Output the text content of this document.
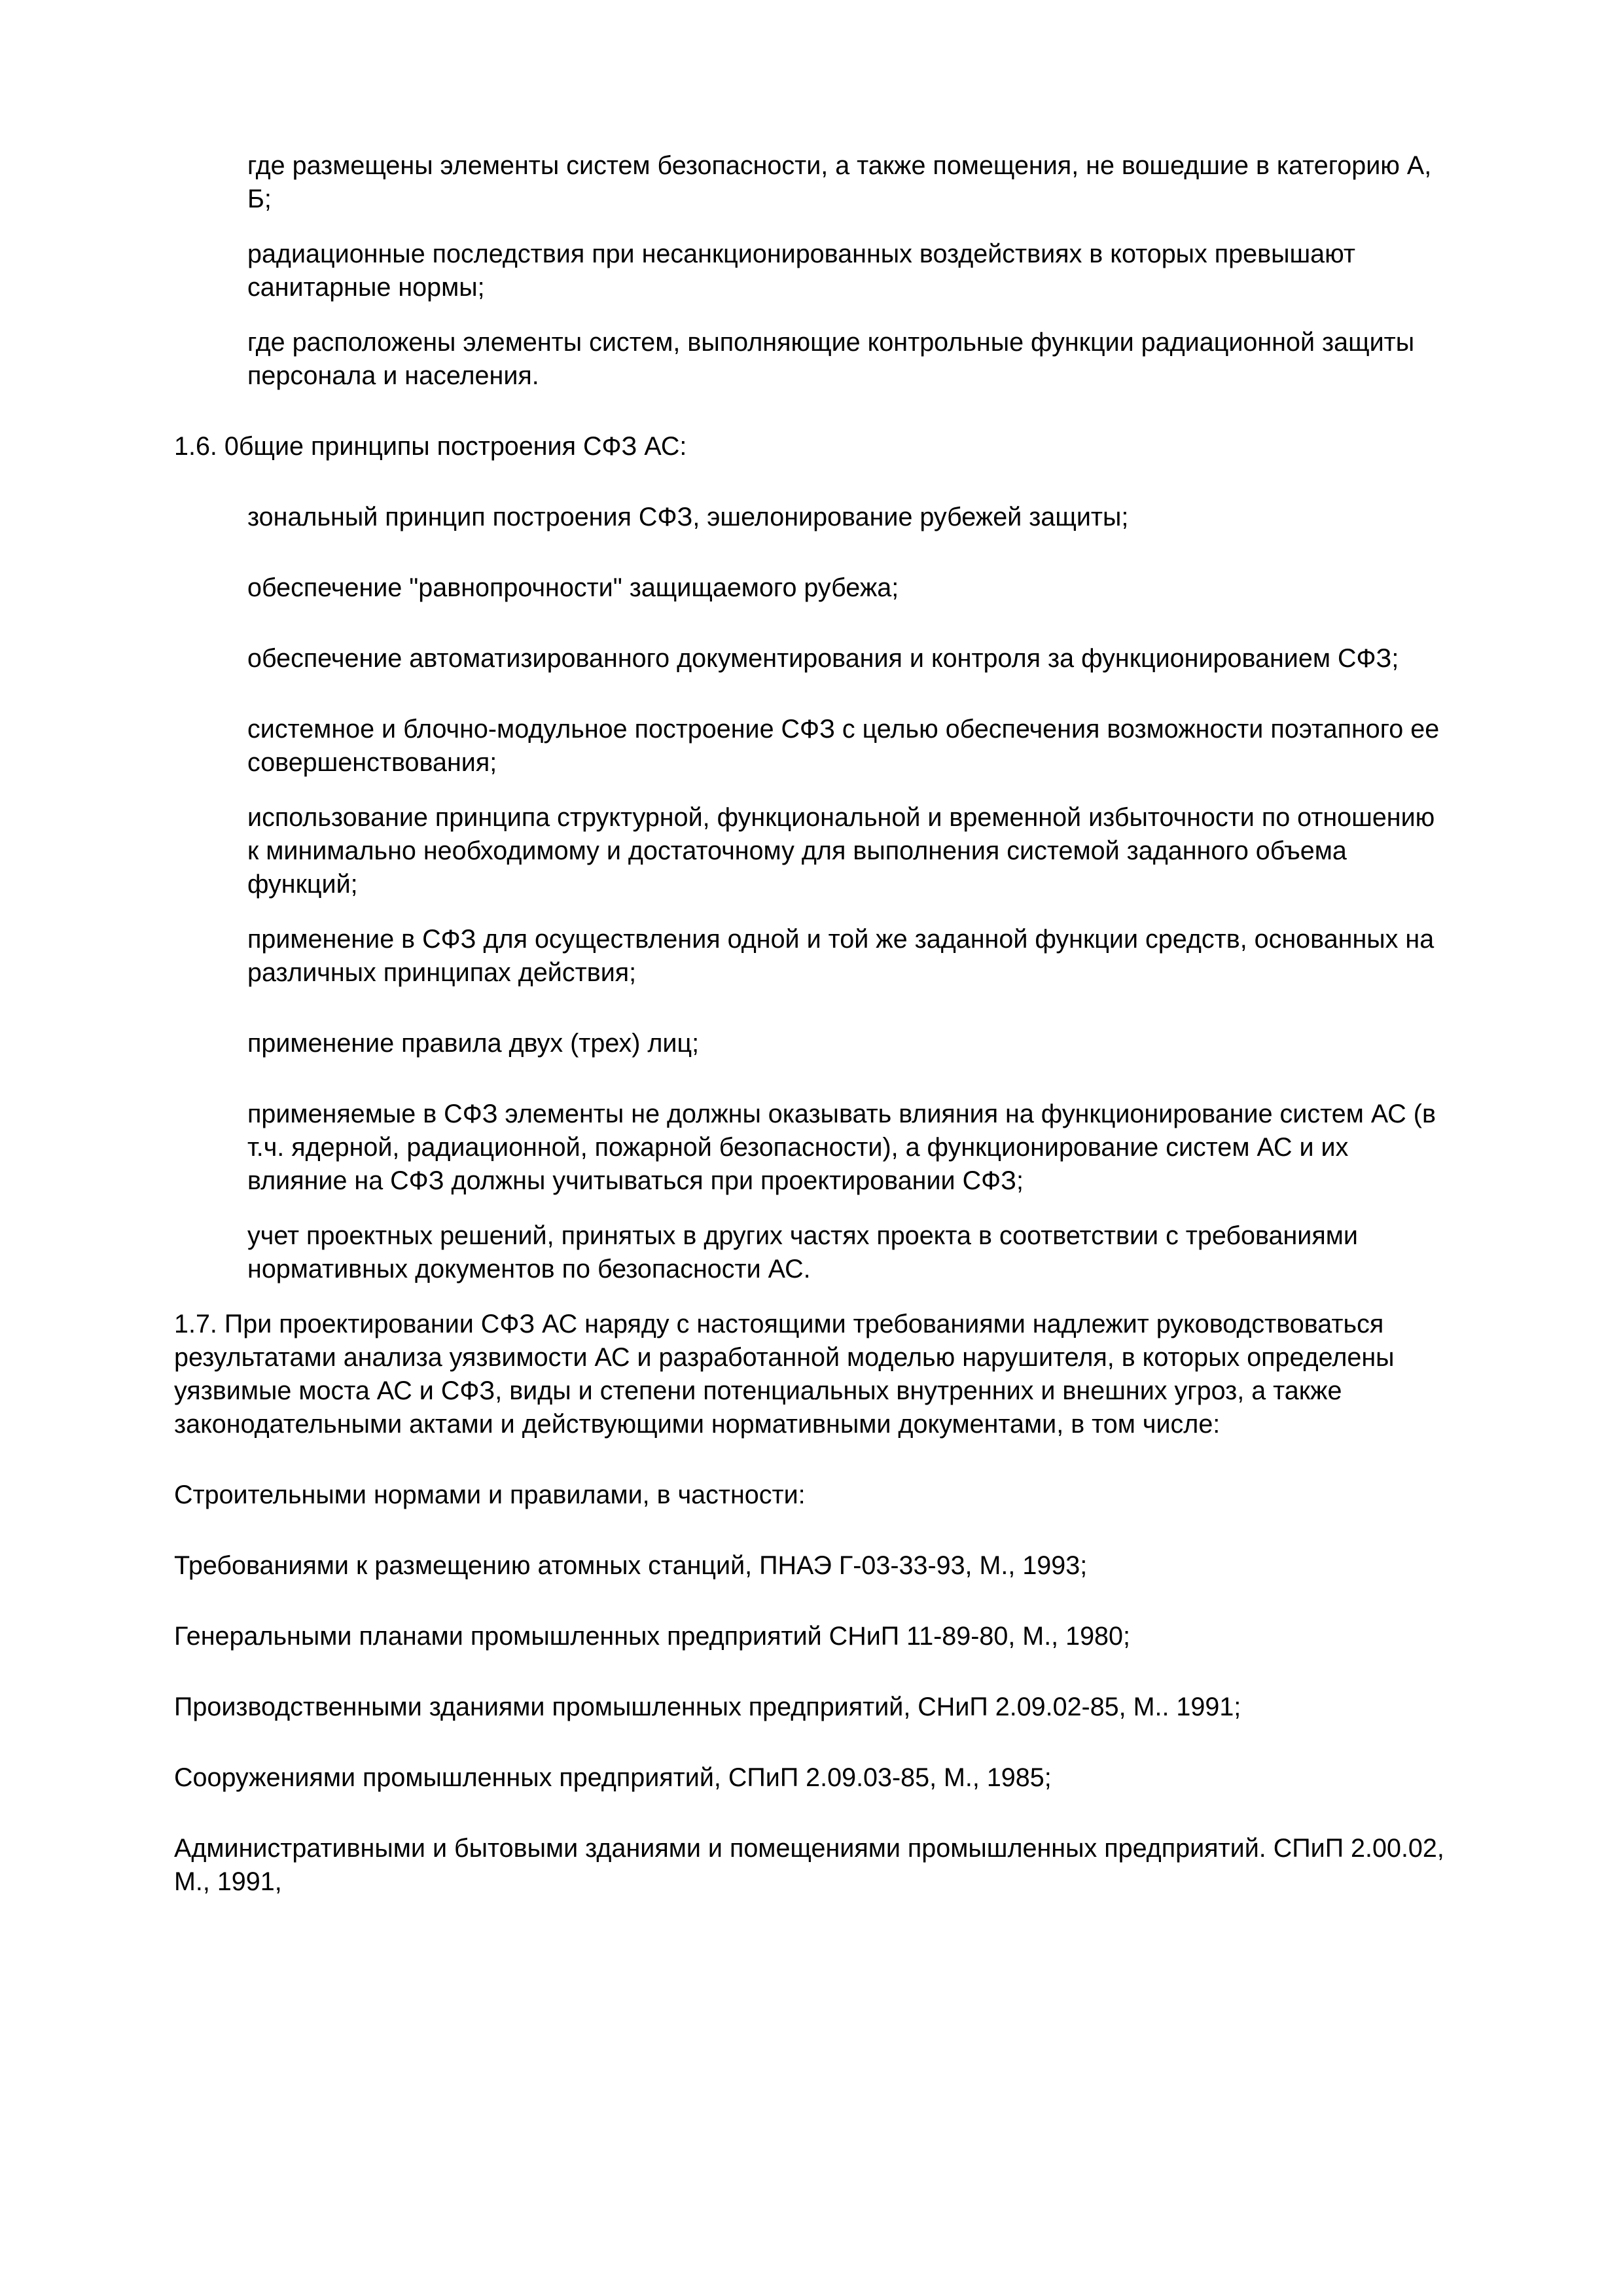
где размещены элементы систем безопасности, а также помещения, не вошедшие в категорию А, Б;

радиационные последствия при несанкционированных воздействиях в которых превышают санитарные нормы;

где расположены элементы систем, выполняющие контрольные функции радиационной защиты персонала и населения.

1.6. 0бщие принципы построения СФЗ АС:

зональный принцип построения СФЗ, эшелонирование рубежей защиты;

обеспечение "равнопрочности" защищаемого рубежа;

обеспечение автоматизированного документирования и контроля за функционированием СФЗ;

системное и блочно-модульное построение СФЗ с целью обеспечения возможности поэтапного ее совершенствования;

использование принципа структурной, функциональной и временной избыточности по отношению к минимально необходимому и достаточному для выполнения системой заданного объема функций;

применение в СФЗ для осуществления одной и той же заданной функции средств, основанных на различных принципах действия;

применение правила двух (трех) лиц;

применяемые в СФЗ элементы не должны оказывать влияния на функционирование систем АС (в т.ч. ядерной, радиационной, пожарной безопасности), а функционирование систем АС и их влияние на СФЗ должны учитываться при проектировании СФЗ;

учет проектных решений, принятых в других частях проекта в соответствии с требованиями нормативных документов по безопасности АС.

1.7. При проектировании СФЗ АС наряду с настоящими требованиями надлежит руководствоваться результатами анализа уязвимости АС и разработанной моделью нарушителя, в которых определены уязвимые моста АС и СФЗ, виды и степени потенциальных внутренних и внешних угроз, а также законодательными актами и действующими нормативными документами, в том числе:

Строительными нормами и правилами, в частности:

Требованиями к размещению атомных станций, ПНАЭ Г-03-33-93, М., 1993;

Генеральными планами промышленных предприятий СНиП 11-89-80, М., 1980;

Производственными зданиями промышленных предприятий, СНиП 2.09.02-85, М.. 1991;

Сооружениями промышленных предприятий, СПиП 2.09.03-85, М., 1985;

Административными и бытовыми зданиями и помещениями промышленных предприятий. СПиП 2.00.02, М., 1991,
